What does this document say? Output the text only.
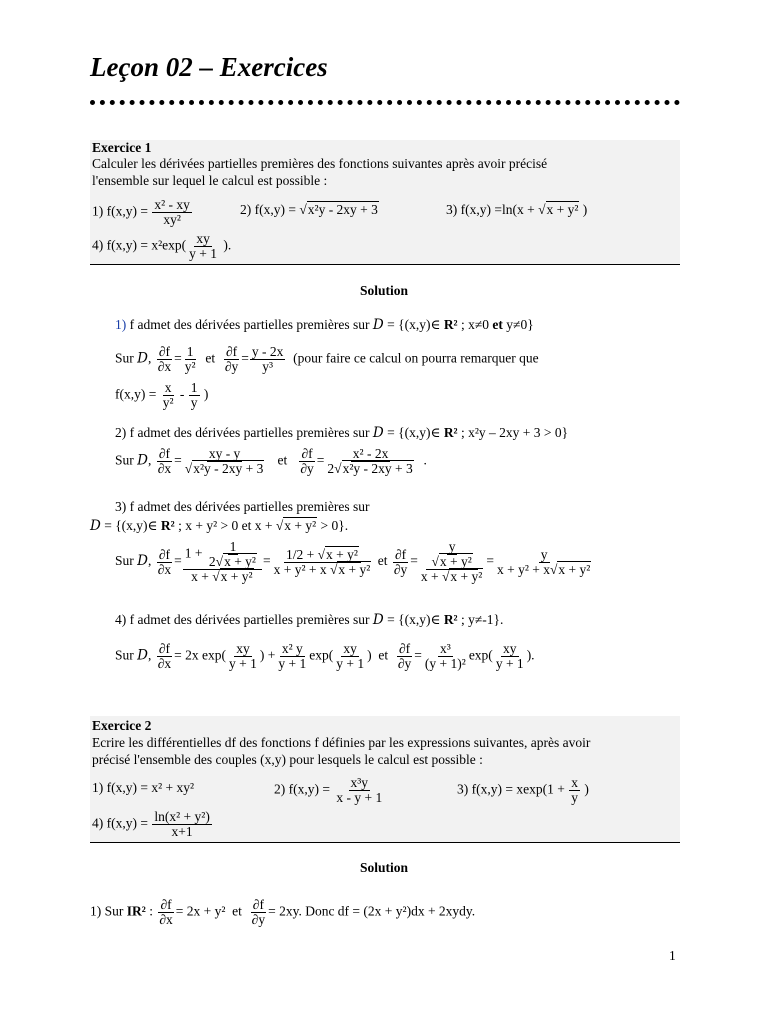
Leçon 02 – Exercices
Exercice 1
Calculer les dérivées partielles premières des fonctions suivantes après avoir précisé
l'ensemble sur lequel le calcul est possible :
1) $f(x,y) = \frac{\text{x² - xy}}{\text{xy²}}$	2) f(x,y) = √x²y - 2xy + 3	3) f(x,y) =ln(x + √x + y² )
4) $f(x,y) = x^2\exp( \frac{xy}{y + 1}$ ).
Solution
1) f admet des dérivées partielles premières sur D = {(x,y)∈ R² ; x≠0 et y≠0}
Sur D, $\frac{\partial f}{\partial x} = \frac{1}{\text{y²}}$ et $\frac{\partial f}{\partial y} = \frac{y - 2x}{\text{y³}}$ (pour faire ce calcul on pourra remarquer que
$f(x,y) = \frac{x}{\text{y²}} - \frac{1}{y}$ )
2) f admet des dérivées partielles premières sur D = {(x,y)∈ R² ; x²y – 2xy + 3 > 0}
Sur D, $\frac{\partial f}{\partial x} = \frac{xy - y}{\text{√x²y - 2xy + 3}}$ et $\frac{\partial f}{\partial y} = \frac{\text{x² - 2x}}{\text{2√x²y - 2xy + 3}}$ .
3) f admet des dérivées partielles premières sur
D = {(x,y)∈ R² ; x + y² > 0 et x + √x + y² > 0}.
Sur D, $\frac{\partial f}{\partial x} = \frac{1 + \frac{1}{\text{2√x + y²}}}{\text{x + √x + y²}} = \frac{\text{1/2 + √x + y²}}{\text{x + y² + x √x + y²}}$ et $\frac{\partial f}{\partial y} = \frac{\frac{y}{\text{√x + y²}}}{\text{x + √x + y²}} = \frac{y}{\text{x + y² + x√x + y²}}$
4) f admet des dérivées partielles premières sur D = {(x,y)∈ R² ; y≠-1}.
Sur D, $\frac{\partial f}{\partial x} = 2x$ $\exp( \frac{xy}{y + 1}$ ) + $\frac{\text{x² y}}{y + 1} \exp( \frac{xy}{y + 1}$ ) et $\frac{\partial f}{\partial y} = \frac{\text{x³}}{\text{(y + 1)²}} \exp( \frac{xy}{y + 1}$ ).
Exercice 2
Ecrire les différentielles df des fonctions f définies par les expressions suivantes, après avoir
précisé l'ensemble des couples (x,y) pour lesquels le calcul est possible :
1) f(x,y) = x² + xy²	2) $f(x,y) = \frac{\text{x³y}}{x - y + 1}$	3) $f(x,y) = xexp(1 + \frac{x}{y}$ )
4) $f(x,y) = \frac{\text{ln(x² + y²)}}{x+1}$
Solution
1) Sur IR² : $\frac{\partial f}{\partial x} = 2x + y^2$ et $\frac{\partial f}{\partial y} = 2xy$. Donc df = (2x + y²)dx + 2xydy.
1
